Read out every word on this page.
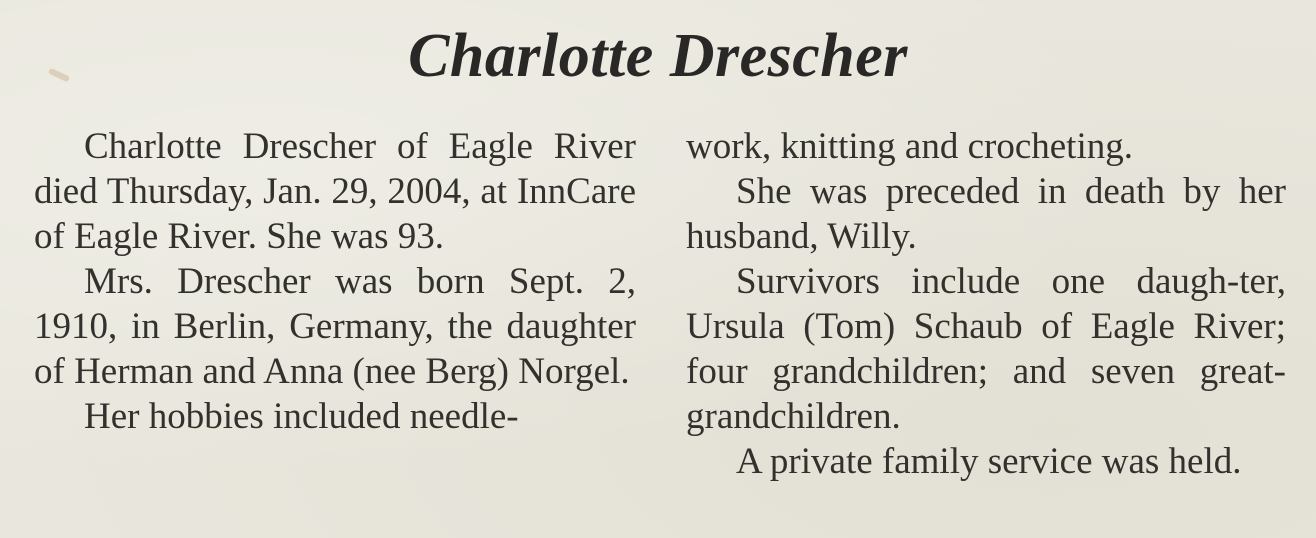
Charlotte Drescher

Charlotte Drescher of Eagle River died Thursday, Jan. 29, 2004, at InnCare of Eagle River. She was 93.

Mrs. Drescher was born Sept. 2, 1910, in Berlin, Germany, the daughter of Herman and Anna (nee Berg) Norgel.

Her hobbies included needle-

work, knitting and crocheting.

She was preceded in death by her husband, Willy.

Survivors include one daugh-ter, Ursula (Tom) Schaub of Eagle River; four grandchildren; and seven great-grandchildren.

A private family service was held.
